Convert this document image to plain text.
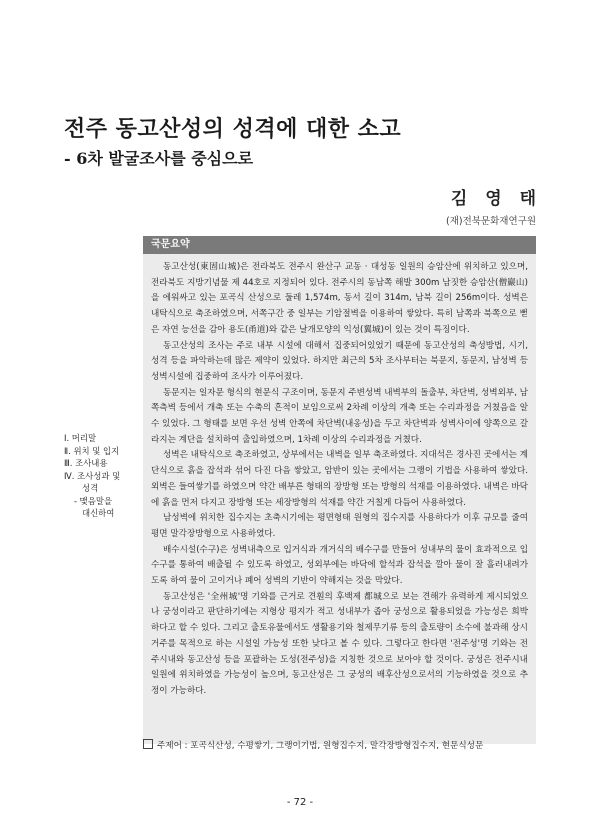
전주 동고산성의 성격에 대한 소고
- 6차 발굴조사를 중심으로
김 영 태
(재)전북문화재연구원
Ⅰ. 머리말
Ⅱ. 위치 및 입지
Ⅲ. 조사내용
Ⅳ. 조사성과 및
성격
- 맺음말을
대신하여
국문요약

동고산성(東固山城)은 전라북도 전주시 완산구 교동 · 대성동 일원의 승암산에 위치하고 있으며, 전라북도 지방기념물 제 44호로 지정되어 있다. 전주시의 동남쪽 해발 300m 남짓한 승암산(僧巖山)을 에워싸고 있는 포곡식 산성으로 둘레 1,574m, 동서 길이 314m, 남북 길이 256m이다. 성벽은 내탁식으로 축조하였으며, 서쪽구간 중 일부는 기암절벽을 이용하여 쌓았다. 특히 남쪽과 북쪽으로 뻗은 자연 능선을 감아 용도(甬道)와 같은 날개모양의 익성(翼城)이 있는 것이 특징이다.

동고산성의 조사는 주로 내부 시설에 대해서 집중되어있었기 때문에 동고산성의 축성방법, 시기, 성격 등을 파악하는데 많은 제약이 있었다. 하지만 최근의 5차 조사부터는 북문지, 동문지, 남성벽 등 성벽시설에 집중하여 조사가 이루어졌다.

동문지는 일자문 형식의 현문식 구조이며, 동문지 주변성벽 내벽부의 돌출부, 차단벽, 성벽외부, 남쪽측벽 등에서 개축 또는 수축의 흔적이 보임으로써 2차례 이상의 개축 또는 수리과정을 거쳤음을 알 수 있었다. 그 형태를 보면 우선 성벽 안쪽에 차단벽(내옹성)을 두고 차단벽과 성벽사이에 양쪽으로 갈라지는 계단을 설치하여 출입하였으며, 1차례 이상의 수리과정을 거쳤다.

성벽은 내탁식으로 축조하였고, 상부에서는 내벽을 일부 축조하였다. 지대석은 경사진 곳에서는 계단식으로 흙을 잡석과 섞어 다진 다음 쌓았고, 암반이 있는 곳에서는 그랭이 기법을 사용하여 쌓았다. 외벽은 들여쌓기를 하였으며 약간 배부른 형태의 장방형 또는 방형의 석재를 이용하였다. 내벽은 바닥에 흙을 먼저 다지고 장방형 또는 세장방형의 석재를 약간 거칠게 다듬어 사용하였다.

남성벽에 위치한 집수지는 초축시기에는 평면형태 원형의 집수지를 사용하다가 이후 규모를 줄여 평면 말각장방형으로 사용하였다.

배수시설(수구)은 성벽내측으로 입거식과 개거식의 배수구를 만들어 성내부의 물이 효과적으로 입수구를 통하여 배출될 수 있도록 하였고, 성외부에는 바닥에 할석과 잡석을 깔아 물이 잘 흘러내려가도록 하여 물이 고이거나 폐어 성벽의 기반이 약해지는 것을 막았다.

동고산성은 '全州城'명 기와를 근거로 견훤의 후백제 都城으로 보는 견해가 유력하게 제시되었으나 궁성이라고 판단하기에는 지형상 평지가 적고 성내부가 좁아 궁성으로 활용되었을 가능성은 희박하다고 할 수 있다. 그리고 출토유물에서도 생활용기와 철제무기류 등의 출토량이 소수에 불과해 상시 거주를 목적으로 하는 시설일 가능성 또한 낮다고 볼 수 있다. 그렇다고 한다면 '전주성'명 기와는 전주시내와 동고산성 등을 포괄하는 도성(전주성)을 지칭한 것으로 보아야 할 것이다. 궁성은 전주시내 일원에 위치하였을 가능성이 높으며, 동고산성은 그 궁성의 배후산성으로서의 기능하였을 것으로 추정이 가능하다.

주제어 : 포곡식산성, 수평쌓기, 그랭이기법, 원형집수지, 말각장방형집수지, 현문식성문
- 72 -
